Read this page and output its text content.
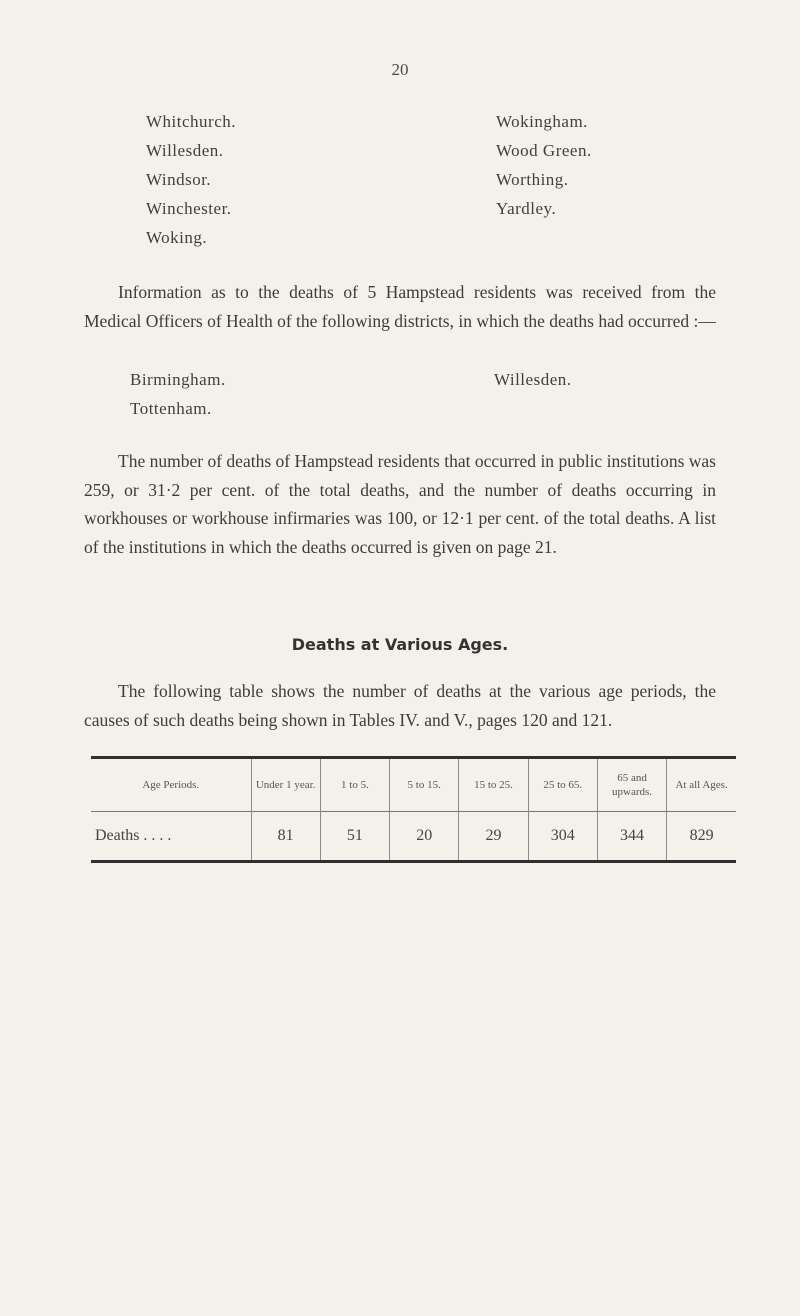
20
Whitchurch.
Willesden.
Windsor.
Winchester.
Woking.
Wokingham.
Wood Green.
Worthing.
Yardley.

Information as to the deaths of 5 Hampstead residents was received from the Medical Officers of Health of the following districts, in which the deaths had occurred :—

Birmingham.
Tottenham.
Willesden.

The number of deaths of Hampstead residents that occurred in public institutions was 259, or 31·2 per cent. of the total deaths, and the number of deaths occurring in workhouses or workhouse infirmaries was 100, or 12·1 per cent. of the total deaths. A list of the institutions in which the deaths occurred is given on page 21.

Deaths at Various Ages.

The following table shows the number of deaths at the various age periods, the causes of such deaths being shown in Tables IV. and V., pages 120 and 121.

Age Periods.	Under 1 year.	1 to 5.	5 to 15.	15 to 25.	25 to 65.	65 and upwards.	At all Ages.
Deaths . . . .	81	51	20	29	304	344	829
